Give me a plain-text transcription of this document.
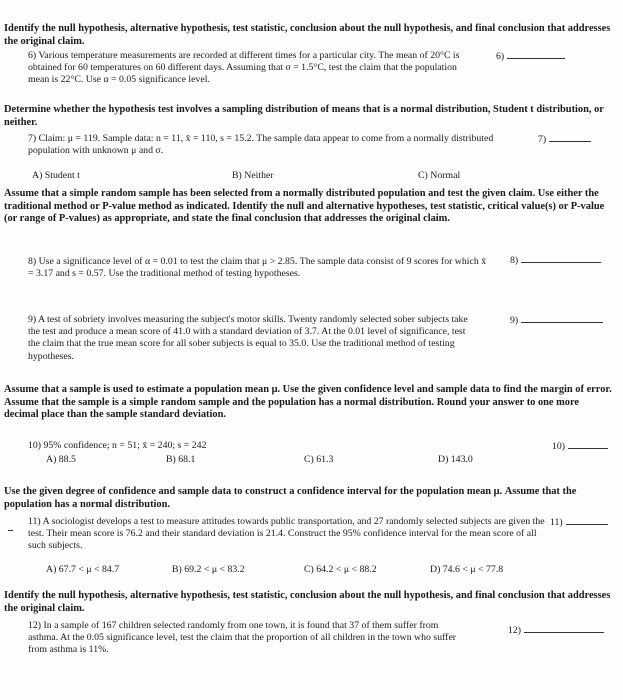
Identify the null hypothesis, alternative hypothesis, test statistic, conclusion about the null hypothesis, and final conclusion that addresses the original claim.
6) Various temperature measurements are recorded at different times for a particular city. The mean of 20°C is obtained for 60 temperatures on 60 different days. Assuming that σ = 1.5°C, test the claim that the population mean is 22°C. Use α = 0.05 significance level.
6)
Determine whether the hypothesis test involves a sampling distribution of means that is a normal distribution, Student t distribution, or neither.
7) Claim: μ = 119. Sample data: n = 11, x̄ = 110, s = 15.2. The sample data appear to come from a normally distributed population with unknown μ and σ.
7)
A) Student t	B) Neither	C) Normal
Assume that a simple random sample has been selected from a normally distributed population and test the given claim. Use either the traditional method or P-value method as indicated. Identify the null and alternative hypotheses, test statistic, critical value(s) or P-value (or range of P-values) as appropriate, and state the final conclusion that addresses the original claim.
8) Use a significance level of α = 0.01 to test the claim that μ > 2.85. The sample data consist of 9 scores for which x̄ = 3.17 and s = 0.57. Use the traditional method of testing hypotheses.
8)
9) A test of sobriety involves measuring the subject's motor skills. Twenty randomly selected sober subjects take the test and produce a mean score of 41.0 with a standard deviation of 3.7. At the 0.01 level of significance, test the claim that the true mean score for all sober subjects is equal to 35.0. Use the traditional method of testing hypotheses.
9)
Assume that a sample is used to estimate a population mean μ. Use the given confidence level and sample data to find the margin of error. Assume that the sample is a simple random sample and the population has a normal distribution. Round your answer to one more decimal place than the sample standard deviation.
10) 95% confidence; n = 51; x̄ = 240; s = 242	10)
A) 88.5	B) 68.1	C) 61.3	D) 143.0
Use the given degree of confidence and sample data to construct a confidence interval for the population mean μ. Assume that the population has a normal distribution.
11) A sociologist develops a test to measure attitudes towards public transportation, and 27 randomly selected subjects are given the test. Their mean score is 76.2 and their standard deviation is 21.4. Construct the 95% confidence interval for the mean score of all such subjects.
11)
A) 67.7 < μ < 84.7	B) 69.2 < μ < 83.2	C) 64.2 < μ < 88.2	D) 74.6 < μ < 77.8
Identify the null hypothesis, alternative hypothesis, test statistic, conclusion about the null hypothesis, and final conclusion that addresses the original claim.
12) In a sample of 167 children selected randomly from one town, it is found that 37 of them suffer from asthma. At the 0.05 significance level, test the claim that the proportion of all children in the town who suffer from asthma is 11%.
12)
